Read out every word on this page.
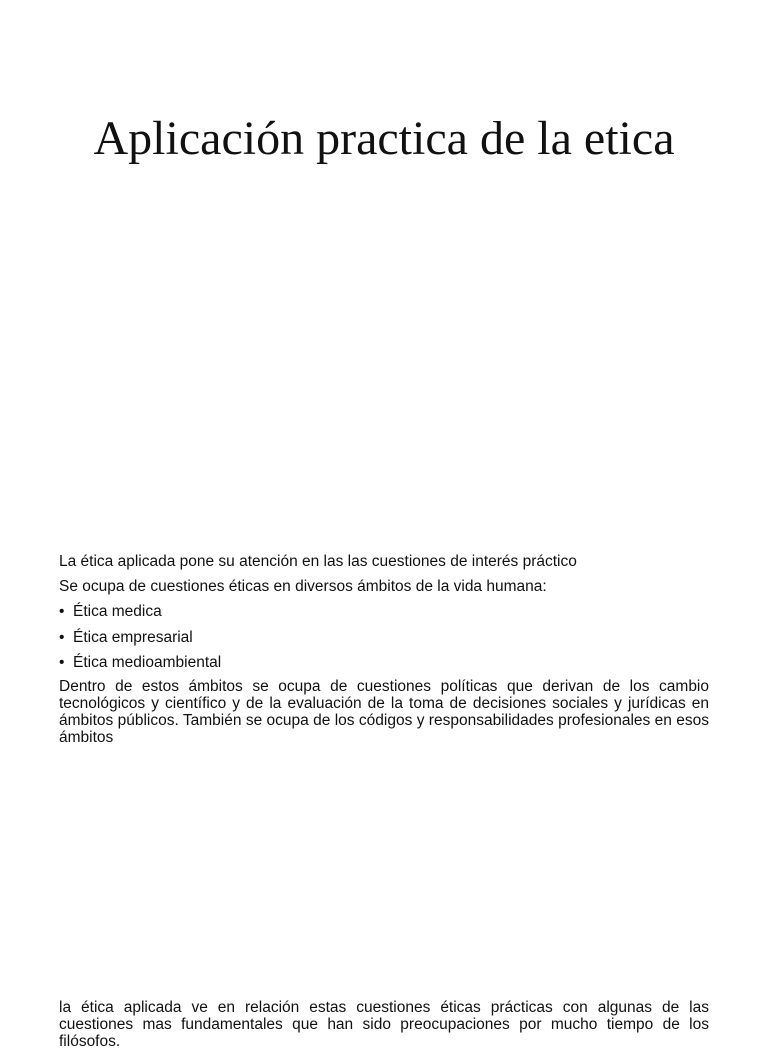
Aplicación practica de la etica

La ética aplicada pone su atención en las las cuestiones de interés práctico

Se ocupa de cuestiones éticas en diversos ámbitos de la vida humana:

• Ética medica
• Ética empresarial
• Ética medioambiental

Dentro de estos ámbitos se ocupa de cuestiones políticas que derivan de los cambio tecnológicos y científico y de la evaluación de la toma de decisiones sociales y jurídicas en ámbitos públicos. También se ocupa de los códigos y responsabilidades profesionales en esos ámbitos

la ética aplicada ve en relación estas cuestiones éticas prácticas con algunas de las cuestiones mas fundamentales que han sido preocupaciones por mucho tiempo de los filósofos.
